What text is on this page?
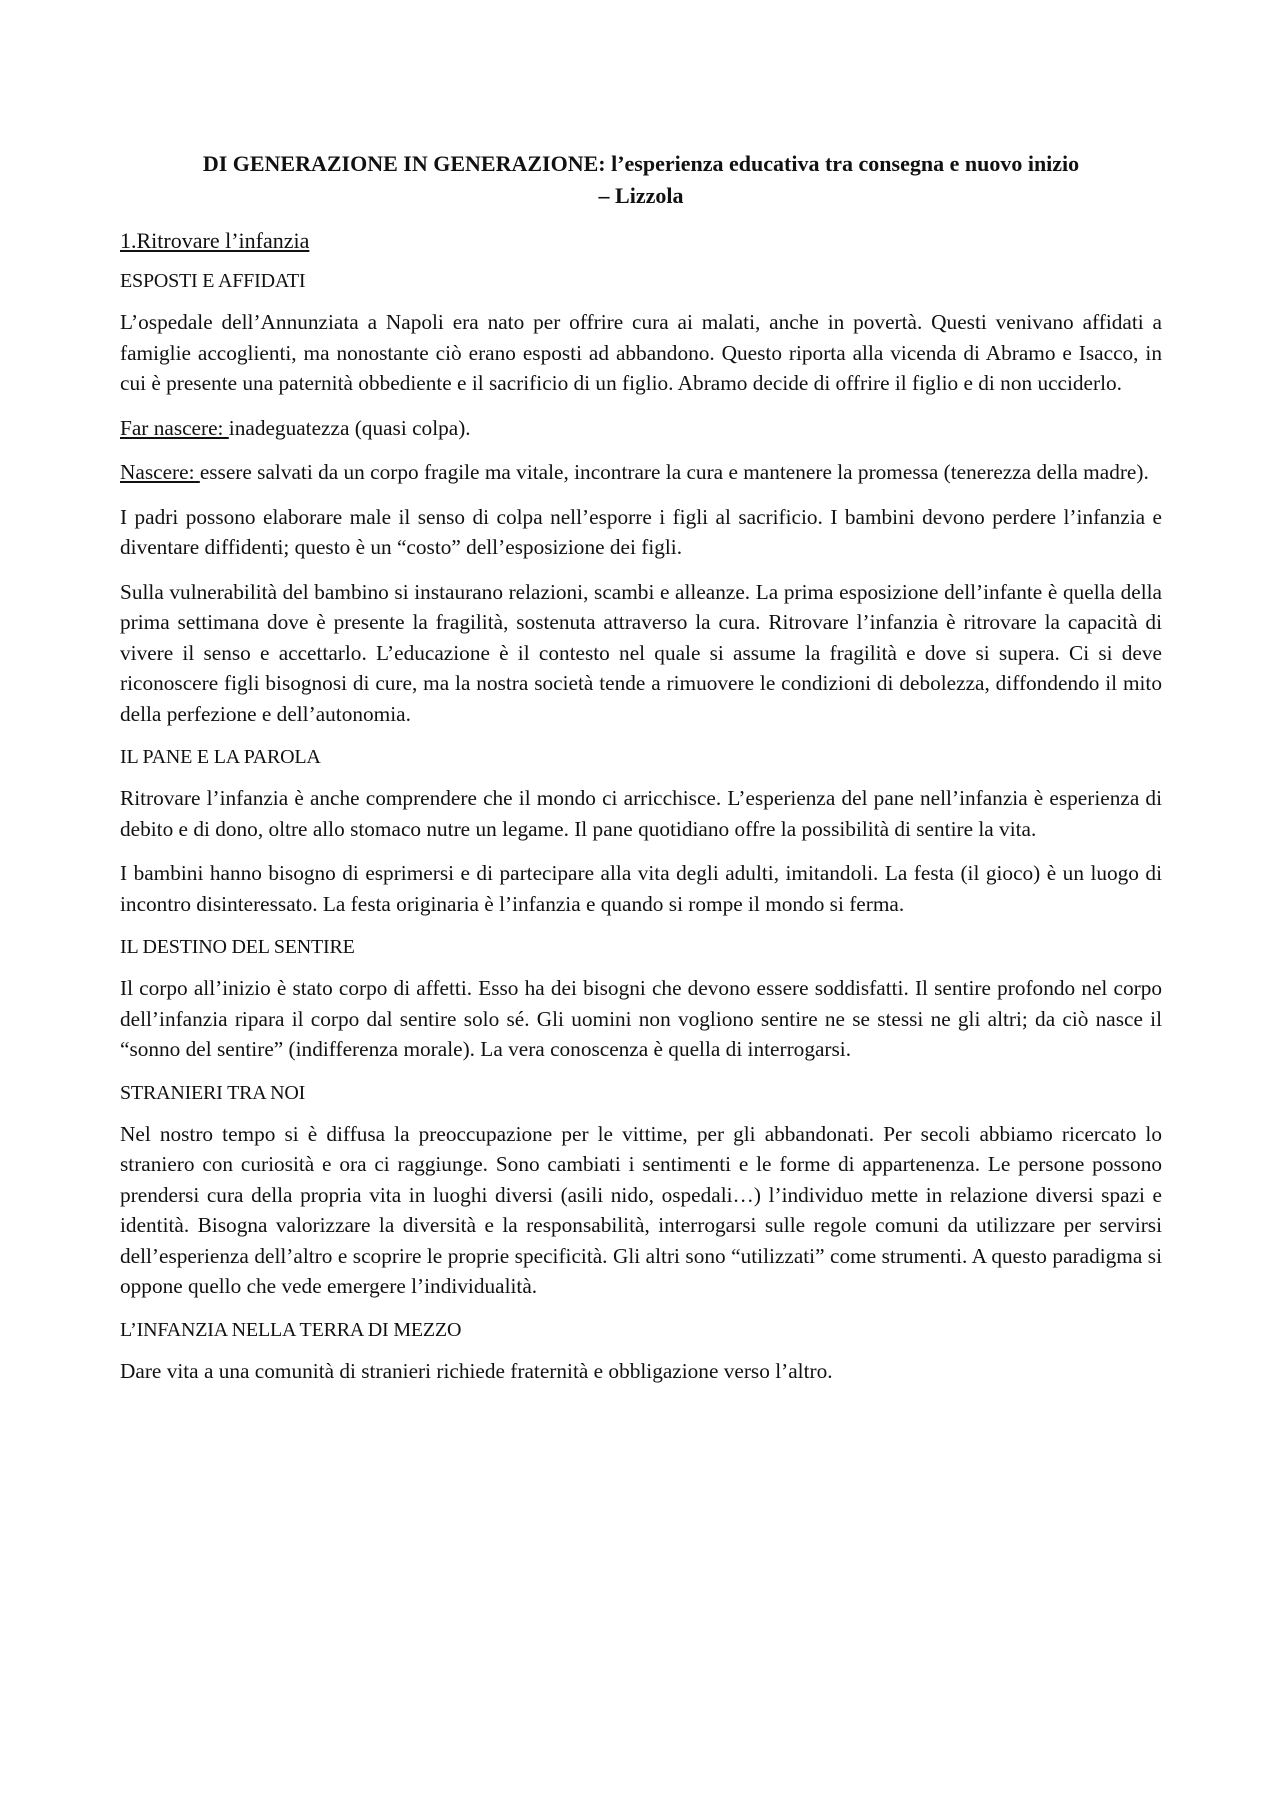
DI GENERAZIONE IN GENERAZIONE: l’esperienza educativa tra consegna e nuovo inizio
– Lizzola
1.Ritrovare l’infanzia
ESPOSTI E AFFIDATI

L’ospedale dell’Annunziata a Napoli era nato per offrire cura ai malati, anche in povertà. Questi venivano affidati a famiglie accoglienti, ma nonostante ciò erano esposti ad abbandono. Questo riporta alla vicenda di Abramo e Isacco, in cui è presente una paternità obbediente e il sacrificio di un figlio. Abramo decide di offrire il figlio e di non ucciderlo.

Far nascere: inadeguatezza (quasi colpa).

Nascere: essere salvati da un corpo fragile ma vitale, incontrare la cura e mantenere la promessa (tenerezza della madre).

I padri possono elaborare male il senso di colpa nell’esporre i figli al sacrificio. I bambini devono perdere l’infanzia e diventare diffidenti; questo è un “costo” dell’esposizione dei figli.

Sulla vulnerabilità del bambino si instaurano relazioni, scambi e alleanze. La prima esposizione dell’infante è quella della prima settimana dove è presente la fragilità, sostenuta attraverso la cura. Ritrovare l’infanzia è ritrovare la capacità di vivere il senso e accettarlo. L’educazione è il contesto nel quale si assume la fragilità e dove si supera. Ci si deve riconoscere figli bisognosi di cure, ma la nostra società tende a rimuovere le condizioni di debolezza, diffondendo il mito della perfezione e dell’autonomia.

IL PANE E LA PAROLA

Ritrovare l’infanzia è anche comprendere che il mondo ci arricchisce. L’esperienza del pane nell’infanzia è esperienza di debito e di dono, oltre allo stomaco nutre un legame. Il pane quotidiano offre la possibilità di sentire la vita.

I bambini hanno bisogno di esprimersi e di partecipare alla vita degli adulti, imitandoli. La festa (il gioco) è un luogo di incontro disinteressato. La festa originaria è l’infanzia e quando si rompe il mondo si ferma.

IL DESTINO DEL SENTIRE

Il corpo all’inizio è stato corpo di affetti. Esso ha dei bisogni che devono essere soddisfatti. Il sentire profondo nel corpo dell’infanzia ripara il corpo dal sentire solo sé. Gli uomini non vogliono sentire ne se stessi ne gli altri; da ciò nasce il “sonno del sentire” (indifferenza morale). La vera conoscenza è quella di interrogarsi.

STRANIERI TRA NOI

Nel nostro tempo si è diffusa la preoccupazione per le vittime, per gli abbandonati. Per secoli abbiamo ricercato lo straniero con curiosità e ora ci raggiunge. Sono cambiati i sentimenti e le forme di appartenenza. Le persone possono prendersi cura della propria vita in luoghi diversi (asili nido, ospedali…) l’individuo mette in relazione diversi spazi e identità. Bisogna valorizzare la diversità e la responsabilità, interrogarsi sulle regole comuni da utilizzare per servirsi dell’esperienza dell’altro e scoprire le proprie specificità. Gli altri sono “utilizzati” come strumenti. A questo paradigma si oppone quello che vede emergere l’individualità.

L’INFANZIA NELLA TERRA DI MEZZO

Dare vita a una comunità di stranieri richiede fraternità e obbligazione verso l’altro.
